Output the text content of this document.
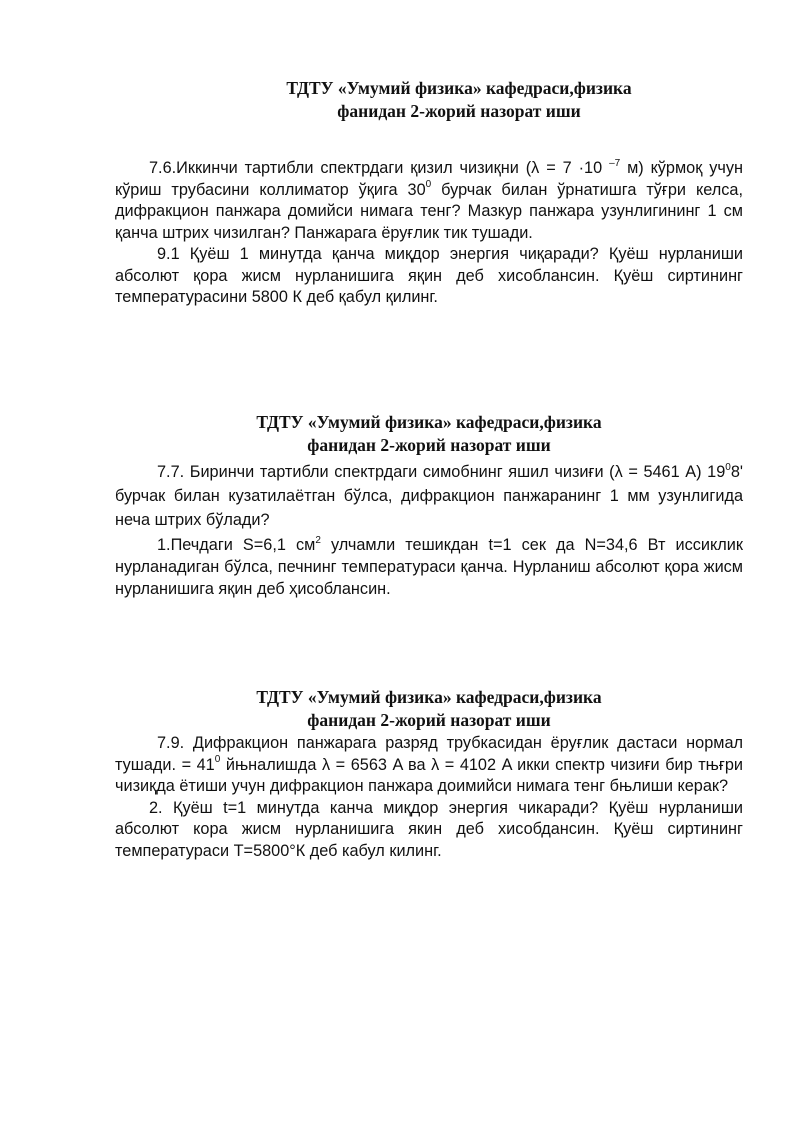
ТДТУ «Умумий физика» кафедраси,физика
фанидан 2-жорий назорат иши

7.6.Иккинчи тартибли спектрдаги қизил чизиқни (λ = 7 ·10 $^{-7}$ м) кўрмоқ учун кўриш трубасини коллиматор ўқига $30^0$ бурчак билан ўрнатишга тўғри келса, дифракцион панжара домийси нимага тенг? Мазкур панжара узунлигининг 1 см қанча штрих чизилган? Панжарага ёруғлик тик тушади.

9.1 Қуёш 1 минутда қанча миқдор энергия чиқаради? Қуёш нурланиши абсолют қора жисм нурланишига яқин деб хисоблансин. Қуёш сиртининг температурасини 5800 К деб қабул қилинг.

ТДТУ «Умумий физика» кафедраси,физика
фанидан 2-жорий назорат иши

7.7. Биринчи тартибли спектрдаги симобнинг яшил чизиғи (λ = 5461 A) $19^08'$ бурчак билан кузатилаётган бўлса, дифракцион панжаранинг 1 мм узунлигида неча штрих бўлади?

1.Печдаги S=6,1 $см^2$ улчамли тешикдан t=1 сек да N=34,6 Вт иссиклик нурланадиган бўлса, печнинг температураси қанча. Нурланиш абсолют қора жисм нурланишига яқин деб ҳисоблансин.

ТДТУ «Умумий физика» кафедраси,физика
фанидан 2-жорий назорат иши

7.9. Дифракцион панжарага разряд трубкасидан ёруғлик дастаси нормал тушади. = $41^0$ йњналишда λ = 6563 A ва λ = 4102 A икки спектр чизиғи бир тњғри чизиқда ётиши учун дифракцион панжара доимийси нимага тенг бњлиши керак?

2. Қуёш t=1 минутда канча миқдор энергия чикаради? Қуёш нурланиши абсолют кора жисм нурланишига якин деб хисобдансин. Қуёш сиртининг температураси Т=5800°К деб кабул килинг.
